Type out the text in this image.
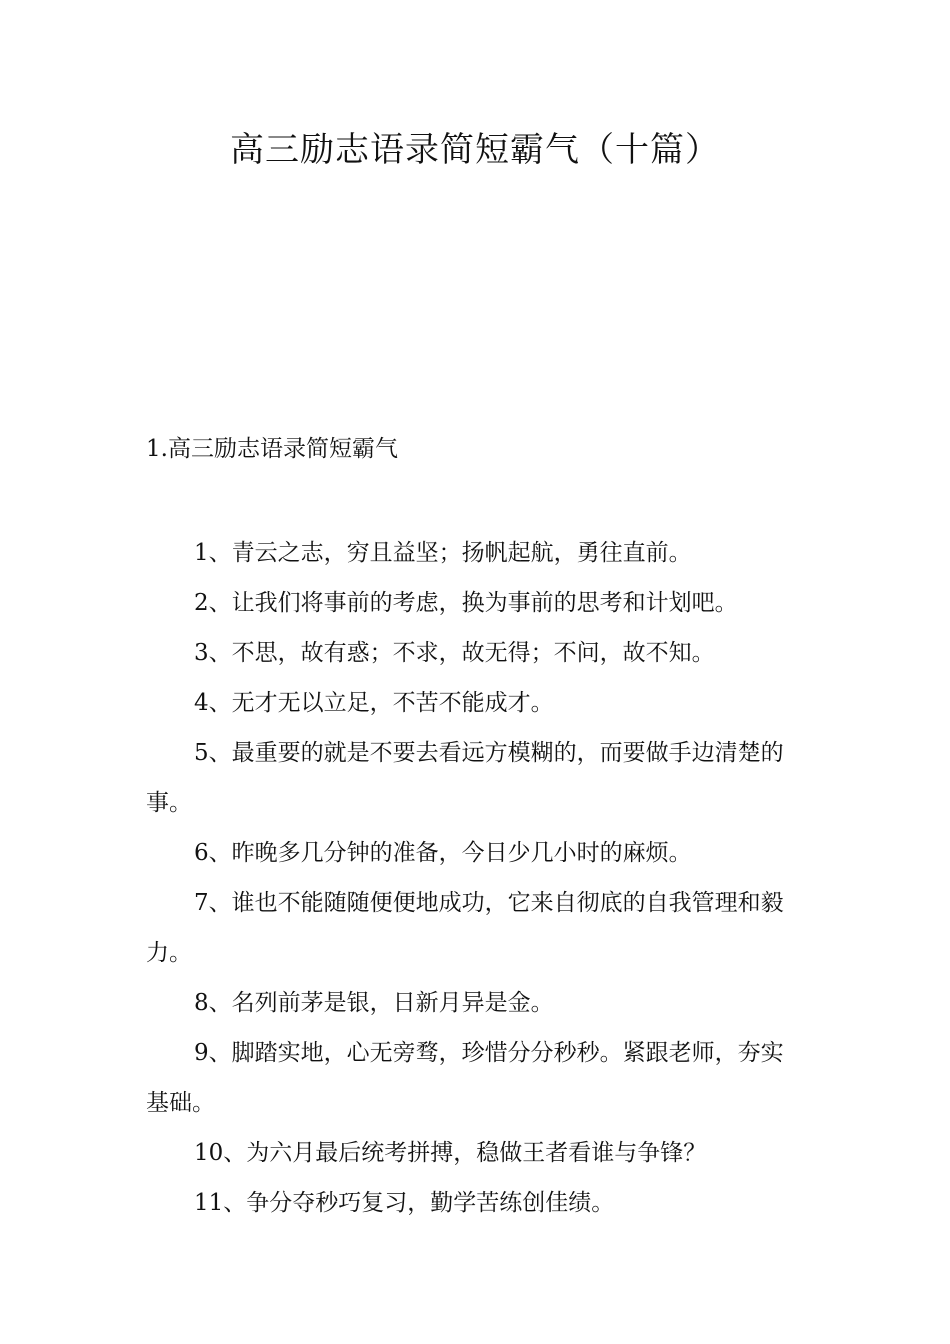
高三励志语录简短霸气（十篇）
1.高三励志语录简短霸气

1、青云之志，穷且益坚；扬帆起航，勇往直前。

2、让我们将事前的考虑，换为事前的思考和计划吧。

3、不思，故有惑；不求，故无得；不问，故不知。

4、无才无以立足，不苦不能成才。

5、最重要的就是不要去看远方模糊的，而要做手边清楚的事。

6、昨晚多几分钟的准备，今日少几小时的麻烦。

7、谁也不能随随便便地成功，它来自彻底的自我管理和毅力。

8、名列前茅是银，日新月异是金。

9、脚踏实地，心无旁骛，珍惜分分秒秒。紧跟老师，夯实基础。

10、为六月最后统考拼搏，稳做王者看谁与争锋？

11、争分夺秒巧复习，勤学苦练创佳绩。
